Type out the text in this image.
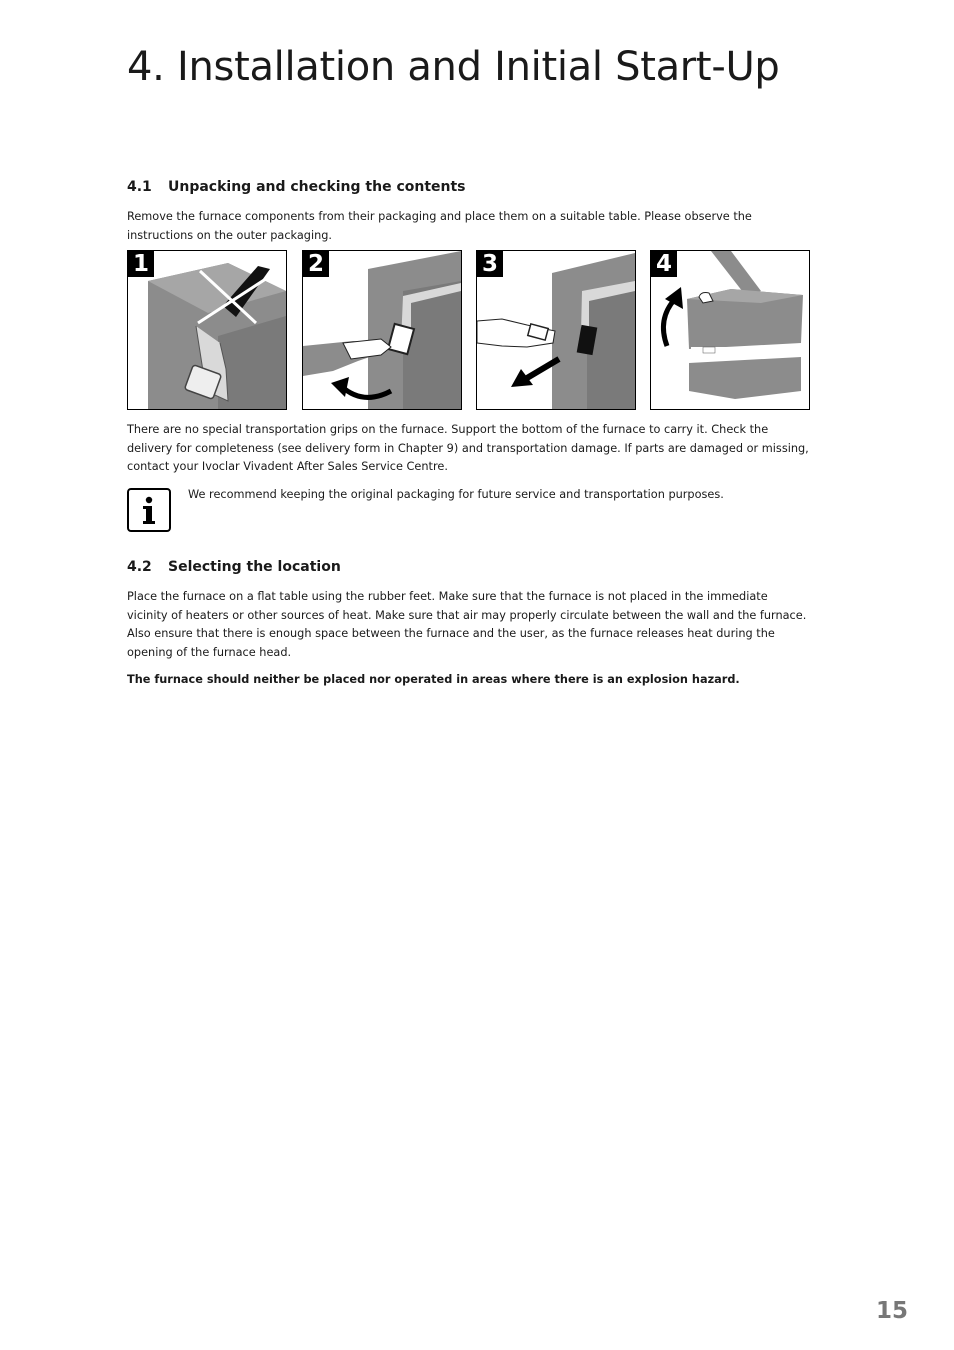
4. Installation and Initial Start-Up
4.1 Unpacking and checking the contents

Remove the furnace components from their packaging and place them on a suitable table. Please observe the instructions on the outer packaging.

1	2	3	4

There are no special transportation grips on the furnace. Support the bottom of the furnace to carry it. Check the delivery for completeness (see delivery form in Chapter 9) and transportation damage. If parts are damaged or missing, contact your Ivoclar Vivadent After Sales Service Centre.

We recommend keeping the original packaging for future service and transportation purposes.

4.2 Selecting the location

Place the furnace on a flat table using the rubber feet. Make sure that the furnace is not placed in the immediate vicinity of heaters or other sources of heat. Make sure that air may properly circulate between the wall and the furnace. Also ensure that there is enough space between the furnace and the user, as the furnace releases heat during the opening of the furnace head.

The furnace should neither be placed nor operated in areas where there is an explosion hazard.

15
